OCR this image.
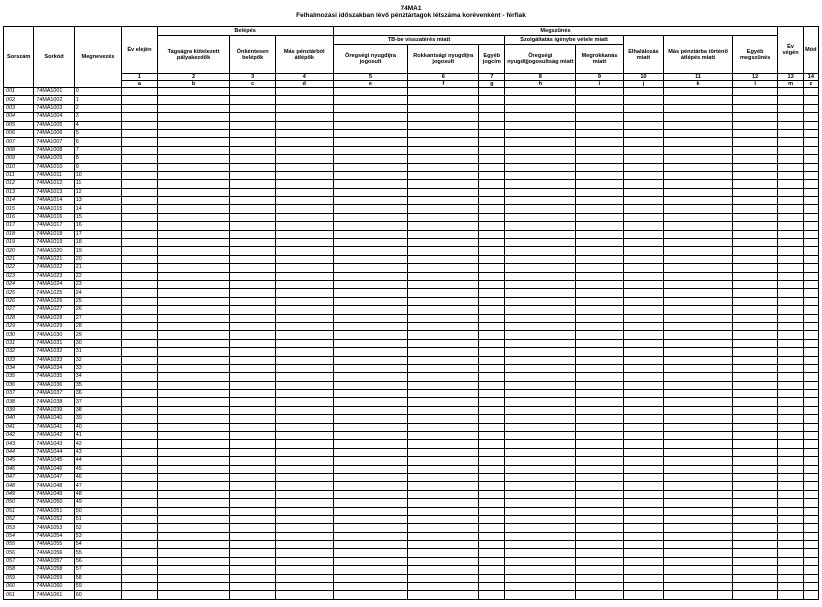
74MA1
Felhalmozási időszakban lévő pénztártagok létszáma korévenként - férfiak
Sorszám	Sorkód	Megnevezés	Év elején	Belépés			Megszűnés								Év végén	Mód
				Tagságra kötelezett pályakezdők	Önkéntesen belépők	Más pénztárból átlépők	TB-be visszatérés miatt			Szolgáltatás igénybe vétele miatt		Elhalálozás miatt	Más pénztárba történő átlépés miatt	Egyéb megszűnés		
							Öregségi nyugdíjra jogosult	Rokkantsági nyugdíjra jogosult	Egyéb jogcím	Öregségi nyugdíjjogosultság miatt	Megrokkanás miatt					
			1	2	3	4	5	6	7	8	9	10	11	12	13	14
			a	b	c	d	e	f	g	h	i	j	k	l	m	z
001	74MA1001	0														
002	74MA1002	1														
003	74MA1003	2														
004	74MA1004	3														
005	74MA1005	4														
006	74MA1006	5														
007	74MA1007	6														
008	74MA1008	7														
009	74MA1009	8														
010	74MA1010	9														
011	74MA1011	10														
012	74MA1012	11														
013	74MA1013	12														
014	74MA1014	13														
015	74MA1015	14														
016	74MA1016	15														
017	74MA1017	16														
018	74MA1018	17														
019	74MA1019	18														
020	74MA1020	19														
021	74MA1021	20														
022	74MA1022	21														
023	74MA1023	22														
024	74MA1024	23														
025	74MA1025	24														
026	74MA1026	25														
027	74MA1027	26														
028	74MA1028	27														
029	74MA1029	28														
030	74MA1030	29														
031	74MA1031	30														
032	74MA1032	31														
033	74MA1033	32														
034	74MA1034	33														
035	74MA1035	34														
036	74MA1036	35														
037	74MA1037	36														
038	74MA1038	37														
039	74MA1039	38														
040	74MA1040	39														
041	74MA1041	40														
042	74MA1042	41														
043	74MA1043	42														
044	74MA1044	43														
045	74MA1045	44														
046	74MA1046	45														
047	74MA1047	46														
048	74MA1048	47														
049	74MA1049	48														
050	74MA1050	49														
051	74MA1051	50														
052	74MA1052	51														
053	74MA1053	52														
054	74MA1054	53														
055	74MA1055	54														
056	74MA1056	55														
057	74MA1057	56														
058	74MA1058	57														
059	74MA1059	58														
060	74MA1060	59														
061	74MA1061	60														
